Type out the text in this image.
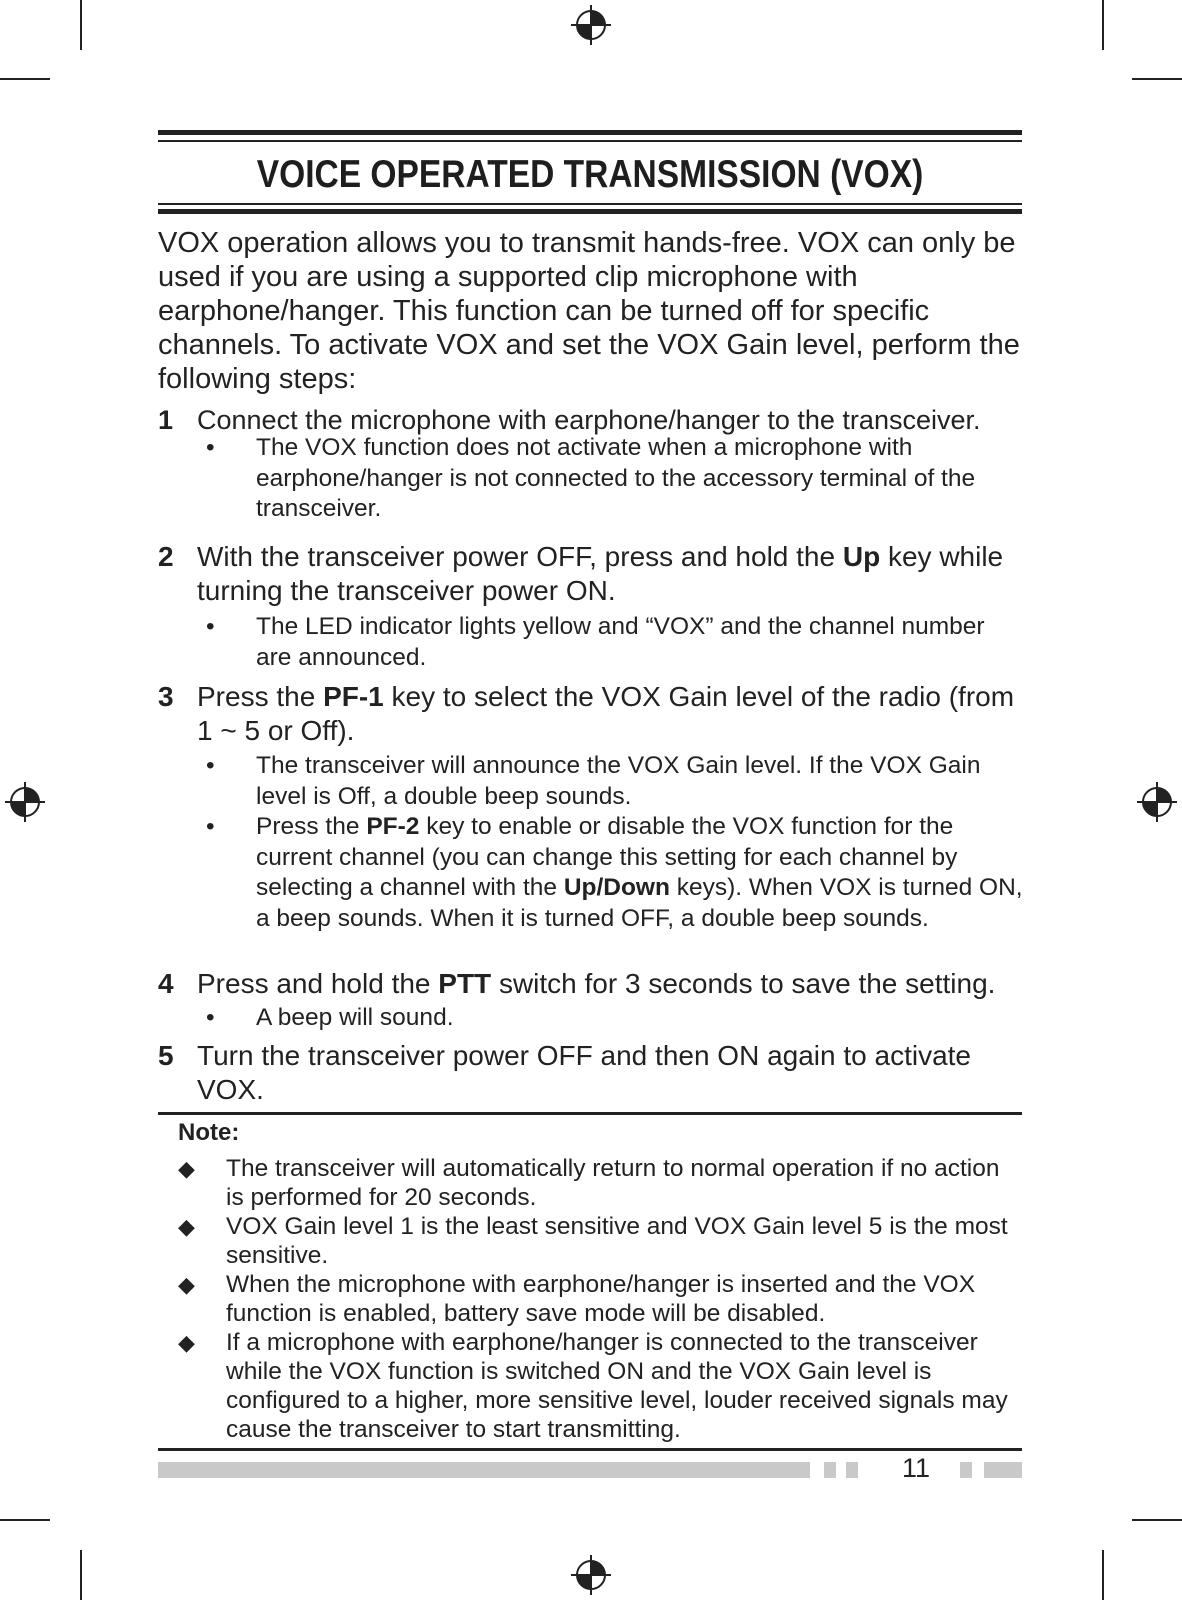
VOICE OPERATED TRANSMISSION (VOX)
VOX operation allows you to transmit hands-free. VOX can only be used if you are using a supported clip microphone with earphone/hanger. This function can be turned off for specific channels. To activate VOX and set the VOX Gain level, perform the following steps:
1 Connect the microphone with earphone/hanger to the transceiver.
• The VOX function does not activate when a microphone with earphone/hanger is not connected to the accessory terminal of the transceiver.
2 With the transceiver power OFF, press and hold the Up key while turning the transceiver power ON.
• The LED indicator lights yellow and “VOX” and the channel number are announced.
3 Press the PF-1 key to select the VOX Gain level of the radio (from 1 ~ 5 or Off).
• The transceiver will announce the VOX Gain level. If the VOX Gain level is Off, a double beep sounds.
• Press the PF-2 key to enable or disable the VOX function for the current channel (you can change this setting for each channel by selecting a channel with the Up/Down keys). When VOX is turned ON, a beep sounds. When it is turned OFF, a double beep sounds.
4 Press and hold the PTT switch for 3 seconds to save the setting.
• A beep will sound.
5 Turn the transceiver power OFF and then ON again to activate VOX.
Note:
◆ The transceiver will automatically return to normal operation if no action is performed for 20 seconds.
◆ VOX Gain level 1 is the least sensitive and VOX Gain level 5 is the most sensitive.
◆ When the microphone with earphone/hanger is inserted and the VOX function is enabled, battery save mode will be disabled.
◆ If a microphone with earphone/hanger is connected to the transceiver while the VOX function is switched ON and the VOX Gain level is configured to a higher, more sensitive level, louder received signals may cause the transceiver to start transmitting.
11
